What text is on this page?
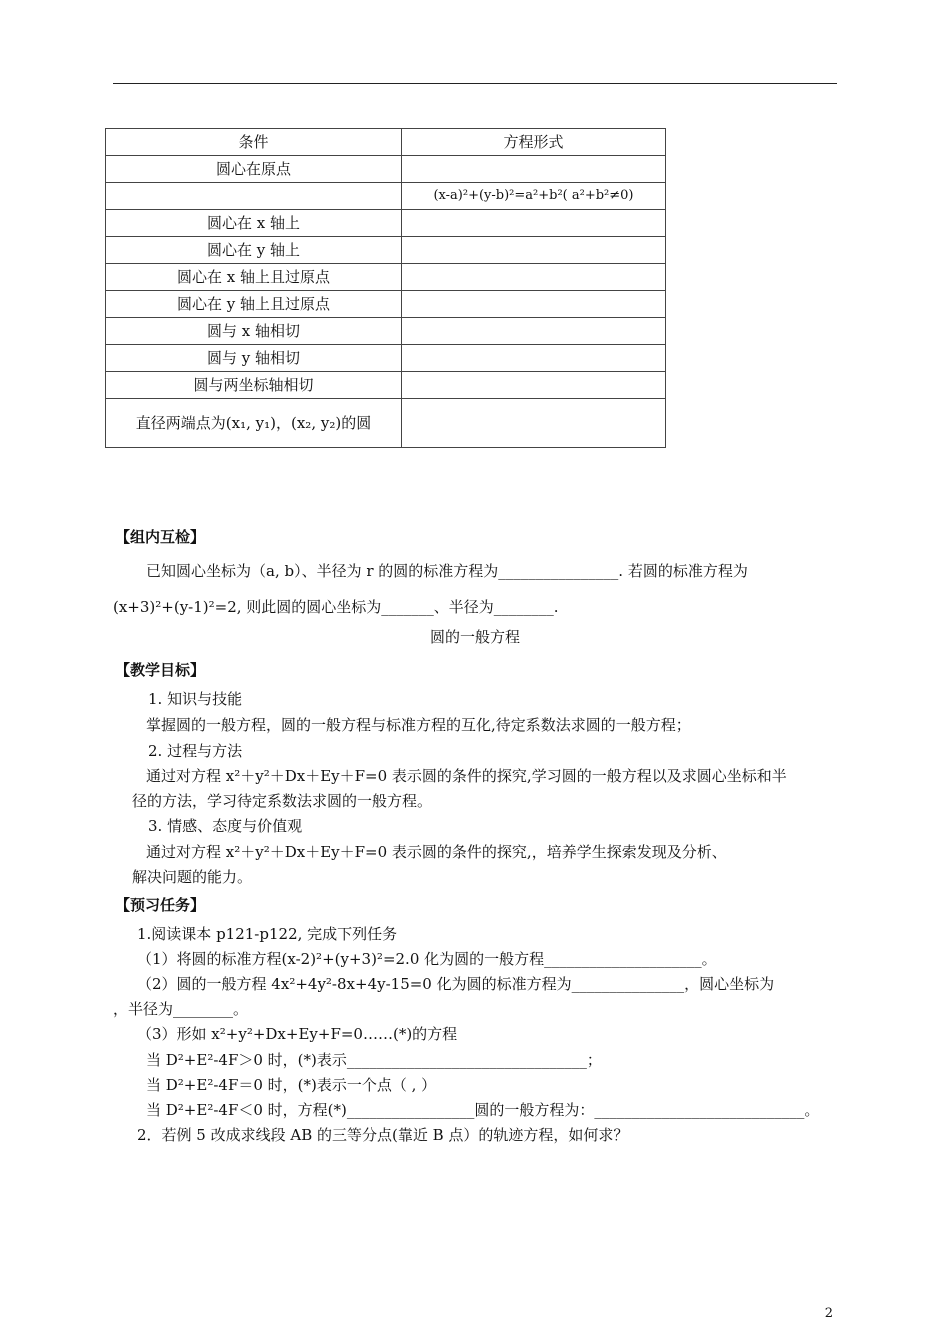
条件	方程形式
圆心在原点	
	(x-a)²+(y-b)²=a²+b²( a²+b²≠0)
圆心在 x 轴上	
圆心在 y 轴上	
圆心在 x 轴上且过原点	
圆心在 y 轴上且过原点	
圆与 x 轴相切	
圆与 y 轴相切	
圆与两坐标轴相切	
直径两端点为(x₁, y₁)，(x₂, y₂)的圆	
【组内互检】
已知圆心坐标为（a, b）、半径为 r 的圆的标准方程为________________. 若圆的标准方程为
(x+3)²+(y-1)²=2, 则此圆的圆心坐标为_______、半径为________.
圆的一般方程
【教学目标】
1. 知识与技能
掌握圆的一般方程，圆的一般方程与标准方程的互化,待定系数法求圆的一般方程；
2. 过程与方法
通过对方程 x²＋y²＋Dx＋Ey＋F=0 表示圆的条件的探究,学习圆的一般方程以及求圆心坐标和半
径的方法，学习待定系数法求圆的一般方程。
3. 情感、态度与价值观
通过对方程 x²＋y²＋Dx＋Ey＋F=0 表示圆的条件的探究,，培养学生探索发现及分析、
解决问题的能力。
【预习任务】
1.阅读课本 p121-p122, 完成下列任务
（1）将圆的标准方程(x-2)²+(y+3)²=2.0 化为圆的一般方程_____________________。
（2）圆的一般方程 4x²+4y²-8x+4y-15=0 化为圆的标准方程为_______________，圆心坐标为
，半径为________。
（3）形如 x²+y²+Dx+Ey+F=0……(*)的方程
当 D²+E²-4F＞0 时，(*)表示________________________________；
当 D²+E²-4F＝0 时，(*)表示一个点（ , ）
当 D²+E²-4F＜0 时，方程(*)_________________圆的一般方程为：____________________________。
2．若例 5 改成求线段 AB 的三等分点(靠近 B 点）的轨迹方程，如何求？
2
